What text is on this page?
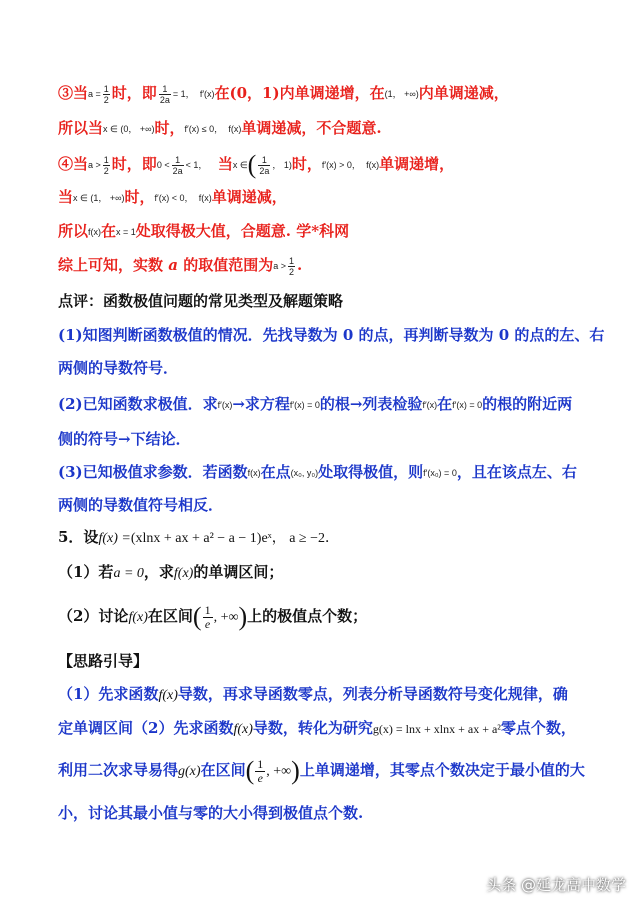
③当$a = \frac{1}{2}$ 时，即 $\frac{1}{2a} = 1$， f′(x)在(0，1)内单调递增，在(1， +∞)内单调递减，
所以当x ∈ (0， +∞)时，f′(x) ≤ 0， f(x)单调递减，不合题意.
④当$a > \frac{1}{2}$ 时，即$0 < \frac{1}{2a} < 1$， 当x ∈( $\frac{1}{2a}$ ， 1)时，f′(x) > 0， f(x)单调递增，
当x ∈ (1， +∞)时，f′(x) < 0， f(x)单调递减，
所以f(x)在x = 1处取得极大值，合题意. 学*科网
综上可知，实数 a 的取值范围为$a > \frac{1}{2}$ .
点评：函数极值问题的常见类型及解题策略
(1)知图判断函数极值的情况．先找导数为 0 的点，再判断导数为 0 的点的左、右
两侧的导数符号．
(2)已知函数求极值．求f′(x)→求方程f′(x) = 0的根→列表检验f′(x)在f′(x) = 0的根的附近两
侧的符号→下结论．
(3)已知极值求参数．若函数f(x)在点(x₀, y₀)处取得极值，则f′(x₀) = 0，且在该点左、右
两侧的导数值符号相反．
5．设f(x) =(xlnx + ax + a² − a − 1)eˣ， a ≥ −2．
（1）若a = 0，求f(x)的单调区间；
（2）讨论f(x)在区间( $\frac{1}{e}$ , +∞)上的极值点个数；
【思路引导】
（1）先求函数f(x)导数，再求导函数零点，列表分析导函数符号变化规律，确
定单调区间（2）先求函数f(x)导数，转化为研究g(x) = lnx + xlnx + ax + a²零点个数，
利用二次求导易得g(x)在区间( $\frac{1}{e}$ , +∞)上单调递增，其零点个数决定于最小值的大
小，讨论其最小值与零的大小得到极值点个数.
头条 @延龙高中数学
